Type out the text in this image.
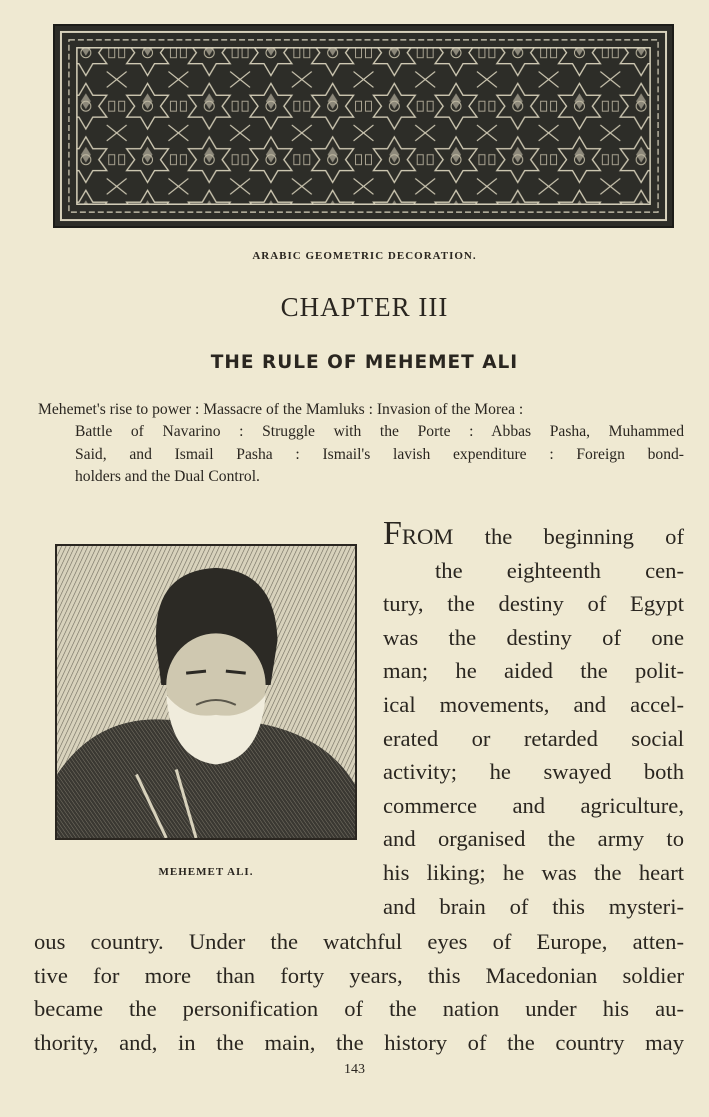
ARABIC GEOMETRIC DECORATION.
CHAPTER III
THE RULE OF MEHEMET ALI
Mehemet's rise to power : Massacre of the Mamluks : Invasion of the Morea :
Battle of Navarino : Struggle with the Porte : Abbas Pasha, Muhammed
Said, and Ismail Pasha : Ismail's lavish expenditure : Foreign bond-
holders and the Dual Control.
MEHEMET ALI.
FROM the beginning of
the eighteenth cen-
tury, the destiny of Egypt
was the destiny of one
man; he aided the polit-
ical movements, and accel-
erated or retarded social
activity; he swayed both
commerce and agriculture,
and organised the army to
his liking; he was the heart
and brain of this mysteri-
ous country. Under the watchful eyes of Europe, atten-
tive for more than forty years, this Macedonian soldier
became the personification of the nation under his au-
thority, and, in the main, the history of the country may
143
